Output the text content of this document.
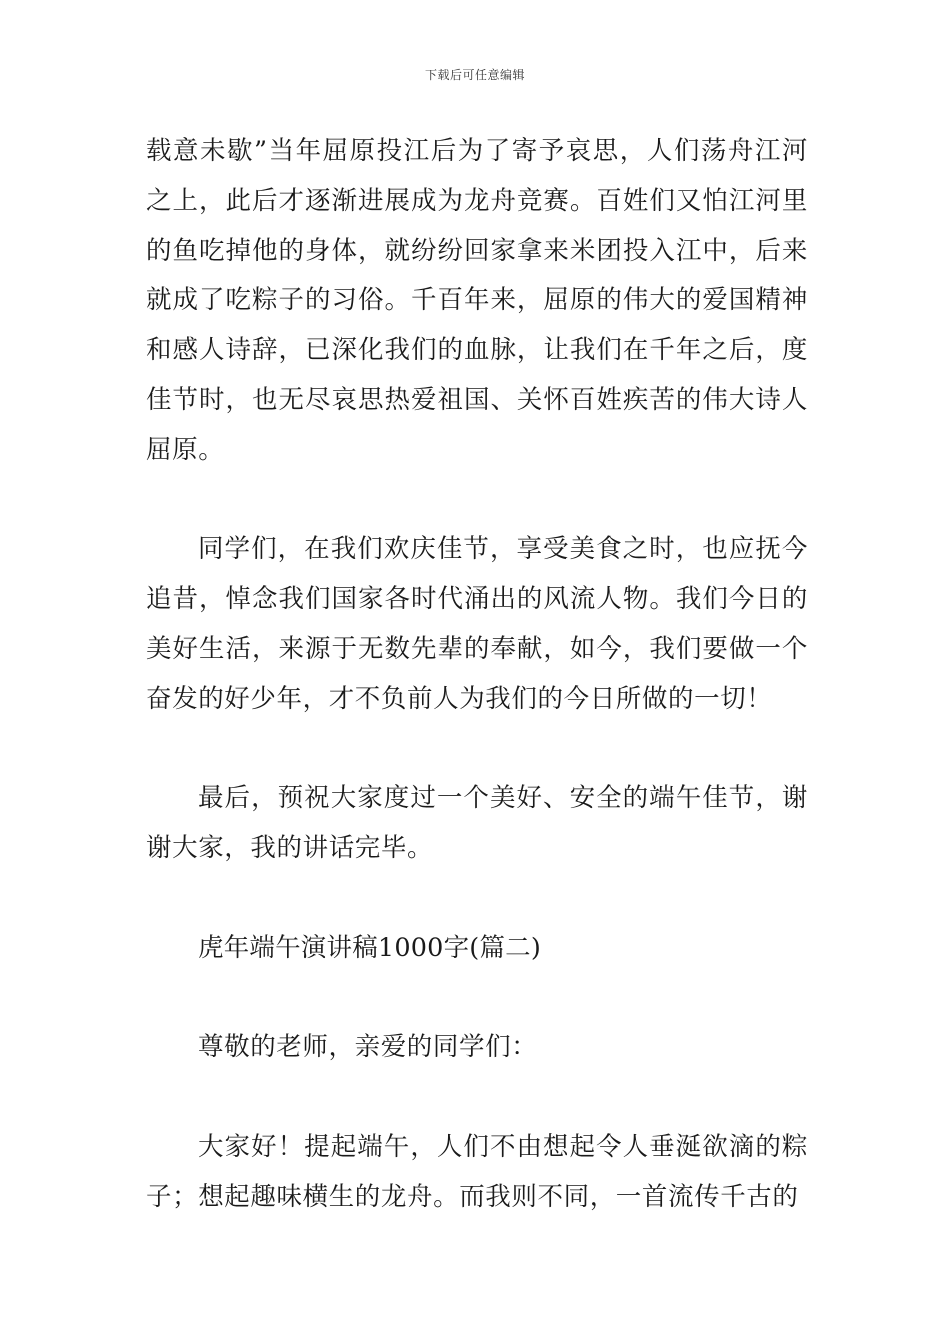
下载后可任意编辑

载意未歇”当年屈原投江后为了寄予哀思，人们荡舟江河之上，此后才逐渐进展成为龙舟竞赛。百姓们又怕江河里的鱼吃掉他的身体，就纷纷回家拿来米团投入江中，后来就成了吃粽子的习俗。千百年来，屈原的伟大的爱国精神和感人诗辞，已深化我们的血脉，让我们在千年之后，度佳节时，也无尽哀思热爱祖国、关怀百姓疾苦的伟大诗人屈原。

同学们，在我们欢庆佳节，享受美食之时，也应抚今追昔，悼念我们国家各时代涌出的风流人物。我们今日的美好生活，来源于无数先辈的奉献，如今，我们要做一个奋发的好少年，才不负前人为我们的今日所做的一切！

最后，预祝大家度过一个美好、安全的端午佳节，谢谢大家，我的讲话完毕。

虎年端午演讲稿1000字(篇二)

尊敬的老师，亲爱的同学们：

大家好！提起端午，人们不由想起令人垂涎欲滴的粽子；想起趣味横生的龙舟。而我则不同，一首流传千古的
